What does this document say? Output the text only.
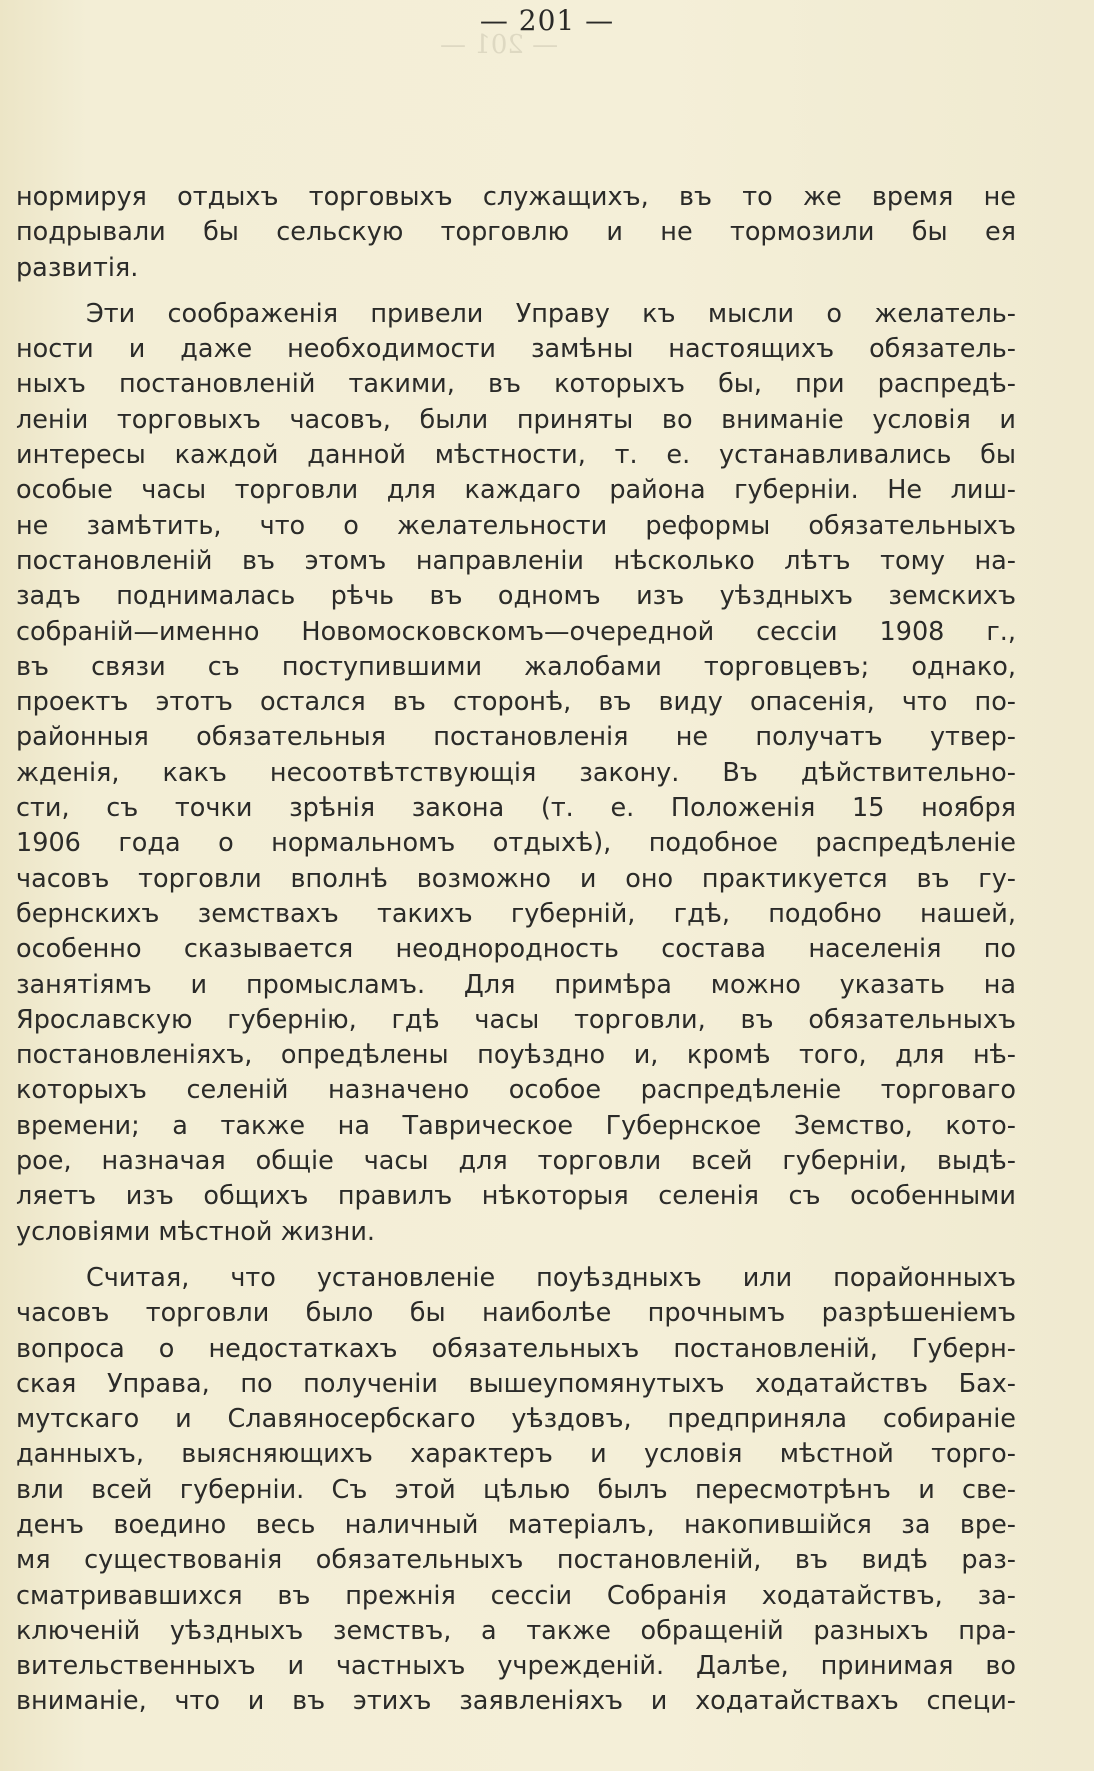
— 201 —
— 201 —
нормируя отдыхъ торговыхъ служащихъ, въ то же время не
подрывали бы сельскую торговлю и не тормозили бы ея
развитія.
Эти соображенія привели Управу къ мысли о желатель-
ности и даже необходимости замѣны настоящихъ обязатель-
ныхъ постановленій такими, въ которыхъ бы, при распредѣ-
леніи торговыхъ часовъ, были приняты во вниманіе условія и
интересы каждой данной мѣстности, т. е. устанавливались бы
особые часы торговли для каждаго района губерніи. Не лиш-
не замѣтить, что о желательности реформы обязательныхъ
постановленій въ этомъ направленіи нѣсколько лѣтъ тому на-
задъ поднималась рѣчь въ одномъ изъ уѣздныхъ земскихъ
собраній—именно Новомосковскомъ—очередной сессіи 1908 г.,
въ связи съ поступившими жалобами торговцевъ; однако,
проектъ этотъ остался въ сторонѣ, въ виду опасенія, что по-
районныя обязательныя постановленія не получатъ утвер-
жденія, какъ несоотвѣтствующія закону. Въ дѣйствительно-
сти, съ точки зрѣнія закона (т. е. Положенія 15 ноября
1906 года о нормальномъ отдыхѣ), подобное распредѣленіе
часовъ торговли вполнѣ возможно и оно практикуется въ гу-
бернскихъ земствахъ такихъ губерній, гдѣ, подобно нашей,
особенно сказывается неоднородность состава населенія по
занятіямъ и промысламъ. Для примѣра можно указать на
Ярославскую губернію, гдѣ часы торговли, въ обязательныхъ
постановленіяхъ, опредѣлены поуѣздно и, кромѣ того, для нѣ-
которыхъ селеній назначено особое распредѣленіе торговаго
времени; а также на Таврическое Губернское Земство, кото-
рое, назначая общіе часы для торговли всей губерніи, выдѣ-
ляетъ изъ общихъ правилъ нѣкоторыя селенія съ особенными
условіями мѣстной жизни.
Считая, что установленіе поуѣздныхъ или порайонныхъ
часовъ торговли было бы наиболѣе прочнымъ разрѣшеніемъ
вопроса о недостаткахъ обязательныхъ постановленій, Губерн-
ская Управа, по полученіи вышеупомянутыхъ ходатайствъ Бах-
мутскаго и Славяносербскаго уѣздовъ, предприняла собираніе
данныхъ, выясняющихъ характеръ и условія мѣстной торго-
вли всей губерніи. Съ этой цѣлью былъ пересмотрѣнъ и све-
денъ воедино весь наличный матеріалъ, накопившійся за вре-
мя существованія обязательныхъ постановленій, въ видѣ раз-
сматривавшихся въ прежнія сессіи Собранія ходатайствъ, за-
ключеній уѣздныхъ земствъ, а также обращеній разныхъ пра-
вительственныхъ и частныхъ учрежденій. Далѣе, принимая во
вниманіе, что и въ этихъ заявленіяхъ и ходатайствахъ специ-
